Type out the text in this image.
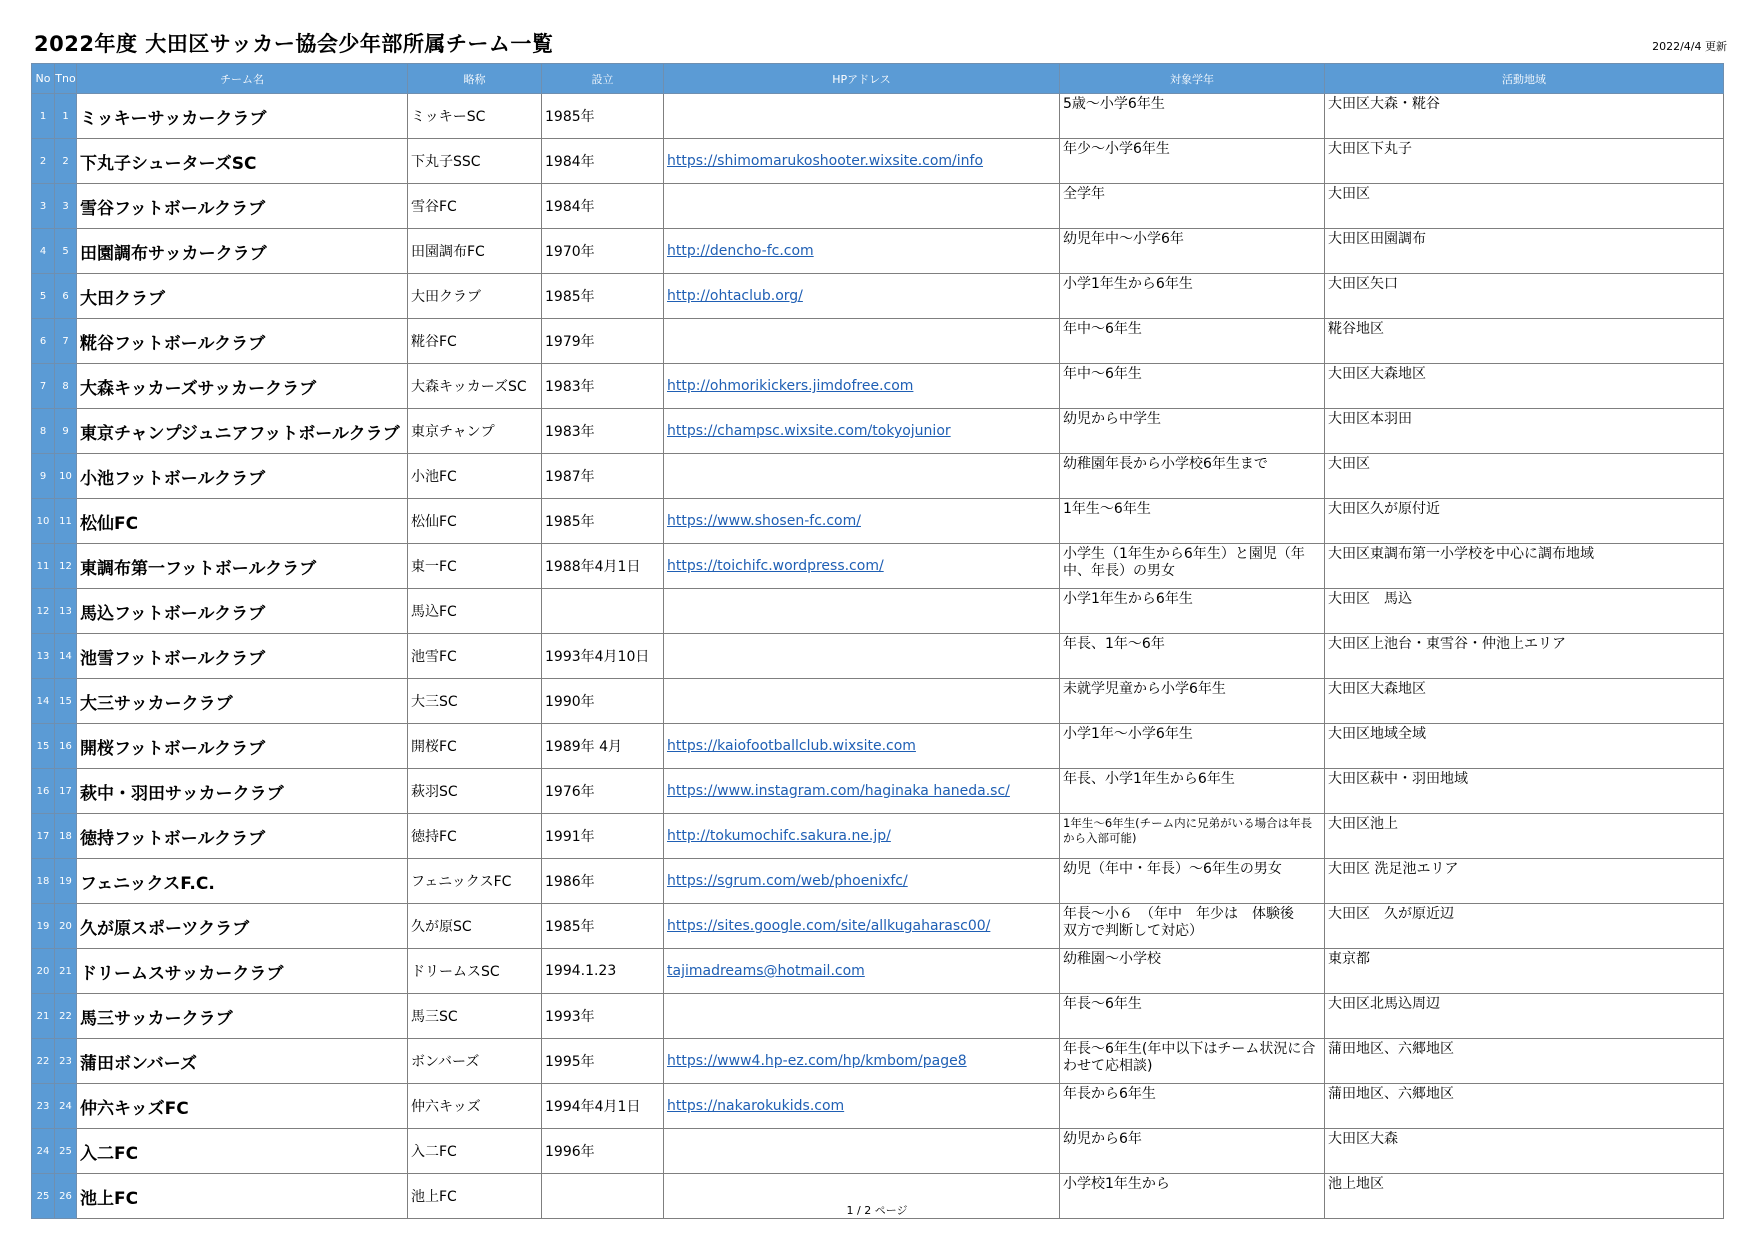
2022年度 大田区サッカー協会少年部所属チーム一覧	2022/4/4 更新
No	Tno	チーム名	略称	設立	HPアドレス	対象学年	活動地域
1	1	ミッキーサッカークラブ	ミッキーSC	1985年		5歳～小学6年生	大田区大森・糀谷
2	2	下丸子シューターズSC	下丸子SSC	1984年	https://shimomarukoshooter.wixsite.com/info	年少～小学6年生	大田区下丸子
3	3	雪谷フットボールクラブ	雪谷FC	1984年		全学年	大田区
4	5	田園調布サッカークラブ	田園調布FC	1970年	http://dencho-fc.com	幼児年中～小学6年	大田区田園調布
5	6	大田クラブ	大田クラブ	1985年	http://ohtaclub.org/	小学1年生から6年生	大田区矢口
6	7	糀谷フットボールクラブ	糀谷FC	1979年		年中～6年生	糀谷地区
7	8	大森キッカーズサッカークラブ	大森キッカーズSC	1983年	http://ohmorikickers.jimdofree.com	年中～6年生	大田区大森地区
8	9	東京チャンプジュニアフットボールクラブ	東京チャンプ	1983年	https://champsc.wixsite.com/tokyojunior	幼児から中学生	大田区本羽田
9	10	小池フットボールクラブ	小池FC	1987年		幼稚園年長から小学校6年生まで	大田区
10	11	松仙FC	松仙FC	1985年	https://www.shosen-fc.com/	1年生～6年生	大田区久が原付近
11	12	東調布第一フットボールクラブ	東一FC	1988年4月1日	https://toichifc.wordpress.com/	小学生（1年生から6年生）と園児（年中、年長）の男女	大田区東調布第一小学校を中心に調布地域
12	13	馬込フットボールクラブ	馬込FC			小学1年生から6年生	大田区　馬込
13	14	池雪フットボールクラブ	池雪FC	1993年4月10日		年長、1年～6年	大田区上池台・東雪谷・仲池上エリア
14	15	大三サッカークラブ	大三SC	1990年		未就学児童から小学6年生	大田区大森地区
15	16	開桜フットボールクラブ	開桜FC	1989年 4月	https://kaiofootballclub.wixsite.com	小学1年～小学6年生	大田区地域全域
16	17	萩中・羽田サッカークラブ	萩羽SC	1976年	https://www.instagram.com/haginaka haneda.sc/	年長、小学1年生から6年生	大田区萩中・羽田地域
17	18	徳持フットボールクラブ	徳持FC	1991年	http://tokumochifc.sakura.ne.jp/	1年生～6年生(チーム内に兄弟がいる場合は年長から入部可能)	大田区池上
18	19	フェニックスF.C.	フェニックスFC	1986年	https://sgrum.com/web/phoenixfc/	幼児（年中・年長）～6年生の男女	大田区 洗足池エリア
19	20	久が原スポーツクラブ	久が原SC	1985年	https://sites.google.com/site/allkugaharasc00/	年長～小６　（年中　年少は　体験後　双方で判断して対応）	大田区　久が原近辺
20	21	ドリームスサッカークラブ	ドリームスSC	1994.1.23	tajimadreams@hotmail.com	幼稚園～小学校	東京都
21	22	馬三サッカークラブ	馬三SC	1993年		年長～6年生	大田区北馬込周辺
22	23	蒲田ボンバーズ	ボンバーズ	1995年	https://www4.hp-ez.com/hp/kmbom/page8	年長～6年生(年中以下はチーム状況に合わせて応相談)	蒲田地区、六郷地区
23	24	仲六キッズFC	仲六キッズ	1994年4月1日	https://nakarokukids.com	年長から6年生	蒲田地区、六郷地区
24	25	入二FC	入二FC	1996年		幼児から6年	大田区大森
25	26	池上FC	池上FC			小学校1年生から	池上地区
1 / 2 ページ
